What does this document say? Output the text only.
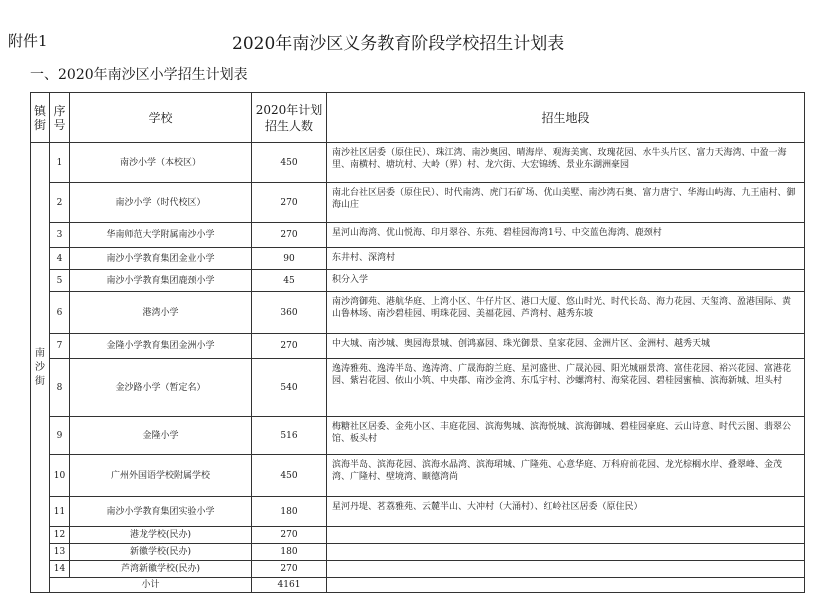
附件1	2020年南沙区义务教育阶段学校招生计划表
一、2020年南沙区小学招生计划表
镇街	序号	学校	2020年计划招生人数	招生地段

南沙街	1	南沙小学（本校区）	450	南沙社区居委（原住民）、珠江湾、南沙奥园、晴海岸、观海美寓、玫瑰花园、水牛头片区、富力天海湾、中盈一海里、南横村、塘坑村、大岭（界）村、龙穴街、大宏锦绣、景业东湖洲豪园
	2	南沙小学（时代校区）	270	南北台社区居委（原住民）、时代南湾、虎门石矿场、优山美墅、南沙湾石奥、富力唐宁、华海山屿海、九王庙村、御海山庄
	3	华南师范大学附属南沙小学	270	星河山海湾、优山悦海、印月翠谷、东苑、碧桂园海湾1号、中交蓝色海湾、鹿颈村
	4	南沙小学教育集团金业小学	90	东井村、深湾村
	5	南沙小学教育集团鹿颈小学	45	积分入学
	6	港湾小学	360	南沙湾御苑、港航华庭、上湾小区、牛仔片区、港口大厦、悠山时光、时代长岛、海力花园、天玺湾、盈港国际、黄山鲁林场、南沙碧桂园、明珠花园、美福花园、芦湾村、越秀东坡
	7	金隆小学教育集团金洲小学	270	中大城、南沙城、奥园海景城、创鸿嘉园、珠光御景、皇家花园、金洲片区、金洲村、越秀天城
	8	金沙路小学（暂定名）	540	逸涛雅苑、逸涛半岛、逸涛湾、广晟海韵兰庭、星河盛世、广晟沁园、阳光城丽景湾、富佳花园、裕兴花园、富港花园、紫岩花园、依山小筑、中央郡、南沙金湾、东瓜宇村、沙螺湾村、海棠花园、碧桂园蜜柚、滨海新城、坦头村
	9	金隆小学	516	梅糖社区居委、金苑小区、丰庭花园、滨海隽城、滨海悦城、滨海御城、碧桂园豪庭、云山诗意、时代云图、翡翠公馆、板头村
	10	广州外国语学校附属学校	450	滨海半岛、滨海花园、滨海水晶湾、滨海珺城、广隆苑、心意华庭、万科府前花园、龙光棕榈水岸、叠翠峰、金茂湾、广隆村、壁境湾、颐德湾尚
	11	南沙小学教育集团实验小学	180	星河丹堤、茗荔雅苑、云麓半山、大冲村（大涌村）、红岭社区居委（原住民）
	12	港龙学校(民办)	270	
	13	新徽学校(民办)	180	
	14	芦湾新徽学校(民办)	270	
	小计		4161	
